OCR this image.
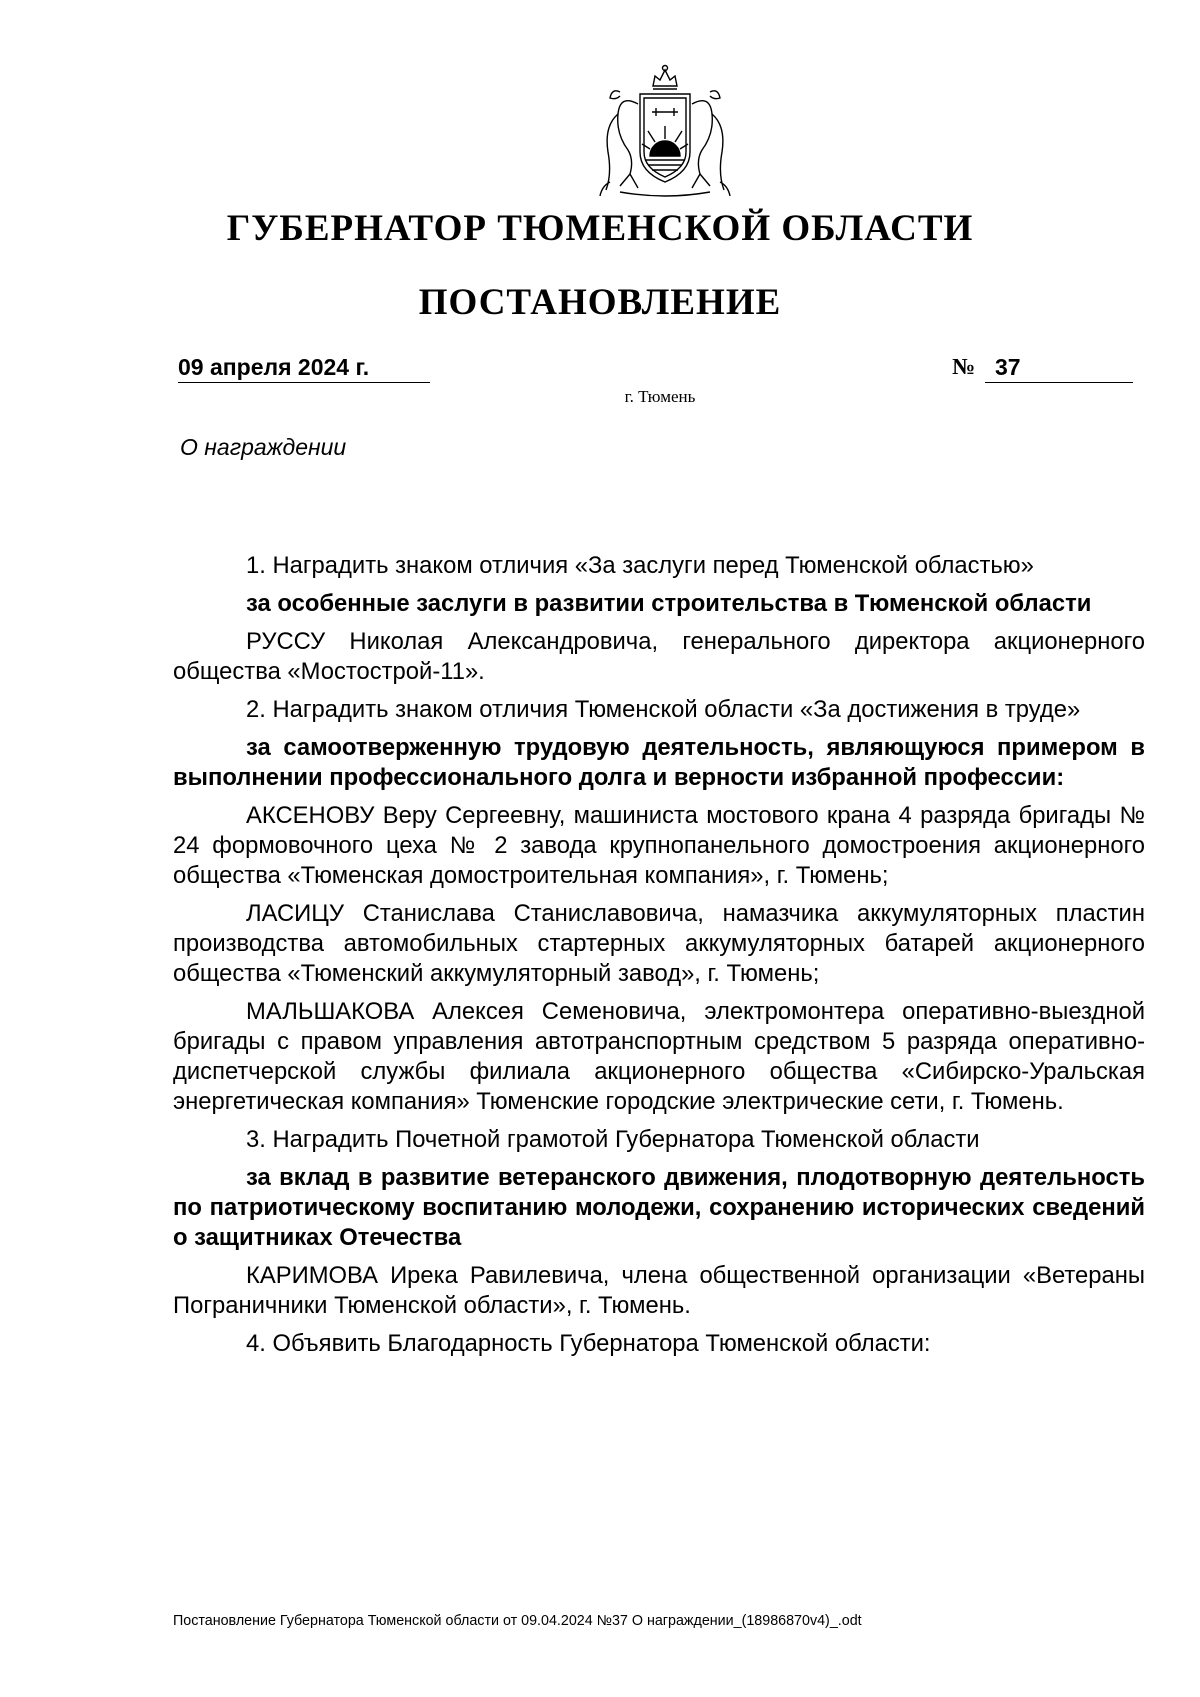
ГУБЕРНАТОР ТЮМЕНСКОЙ ОБЛАСТИ
ПОСТАНОВЛЕНИЕ
09 апреля 2024 г.	№ 37
г. Тюмень
О награждении

1. Наградить знаком отличия «За заслуги перед Тюменской областью»

за особенные заслуги в развитии строительства в Тюменской области

РУССУ Николая Александровича, генерального директора акционерного общества «Мостострой-11».

2. Наградить знаком отличия Тюменской области «За достижения в труде»

за самоотверженную трудовую деятельность, являющуюся примером в выполнении профессионального долга и верности избранной профессии:

АКСЕНОВУ Веру Сергеевну, машиниста мостового крана 4 разряда бригады № 24 формовочного цеха № 2 завода крупнопанельного домостроения акционерного общества «Тюменская домостроительная компания», г. Тюмень;

ЛАСИЦУ Станислава Станиславовича, намазчика аккумуляторных пластин производства автомобильных стартерных аккумуляторных батарей акционерного общества «Тюменский аккумуляторный завод», г. Тюмень;

МАЛЬШАКОВА Алексея Семеновича, электромонтера оперативно-выездной бригады с правом управления автотранспортным средством 5 разряда оперативно-диспетчерской службы филиала акционерного общества «Сибирско-Уральская энергетическая компания» Тюменские городские электрические сети, г. Тюмень.

3. Наградить Почетной грамотой Губернатора Тюменской области

за вклад в развитие ветеранского движения, плодотворную деятельность по патриотическому воспитанию молодежи, сохранению исторических сведений о защитниках Отечества

КАРИМОВА Ирека Равилевича, члена общественной организации «Ветераны Пограничники Тюменской области», г. Тюмень.

4. Объявить Благодарность Губернатора Тюменской области:

Постановление Губернатора Тюменской области от 09.04.2024 №37 О награждении_(18986870v4)_.odt
